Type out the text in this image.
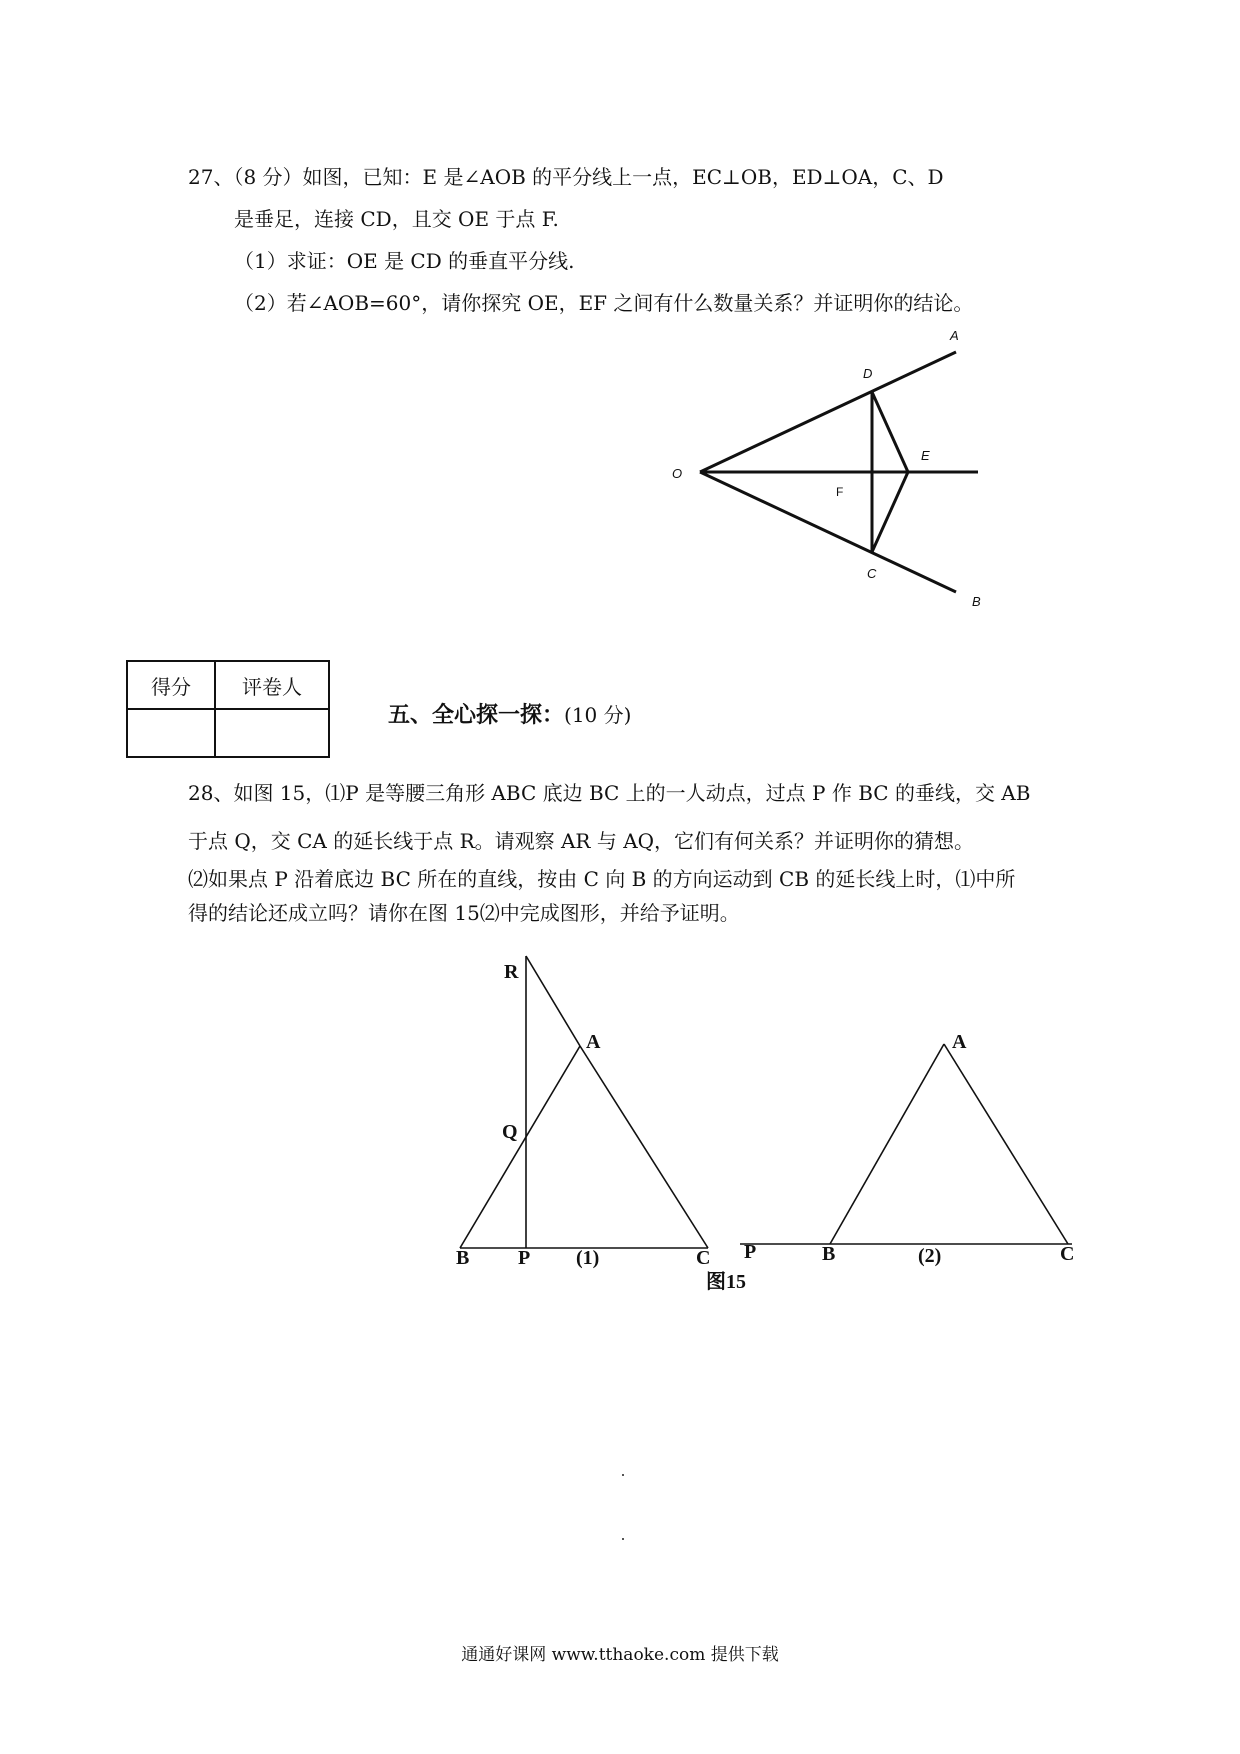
27、（8 分）如图，已知：E 是∠AOB 的平分线上一点，EC⊥OB，ED⊥OA，C、D
是垂足，连接 CD，且交 OE 于点 F.
（1）求证：OE 是 CD 的垂直平分线.
（2）若∠AOB=60°，请你探究 OE，EF 之间有什么数量关系？并证明你的结论。
A
D
E
O
F
C
B
得分	评卷人

五、全心探一探：(10 分)
28、如图 15，⑴P 是等腰三角形 ABC 底边 BC 上的一人动点，过点 P 作 BC 的垂线，交 AB
于点 Q，交 CA 的延长线于点 R。请观察 AR 与 AQ，它们有何关系？并证明你的猜想。
⑵如果点 P 沿着底边 BC 所在的直线，按由 C 向 B 的方向运动到 CB 的延长线上时，⑴中所
得的结论还成立吗？请你在图 15⑵中完成图形，并给予证明。
R
A
Q
B P (1)	C
A
P	B	(2)	C
图15
通通好课网 www.tthaoke.com 提供下载
